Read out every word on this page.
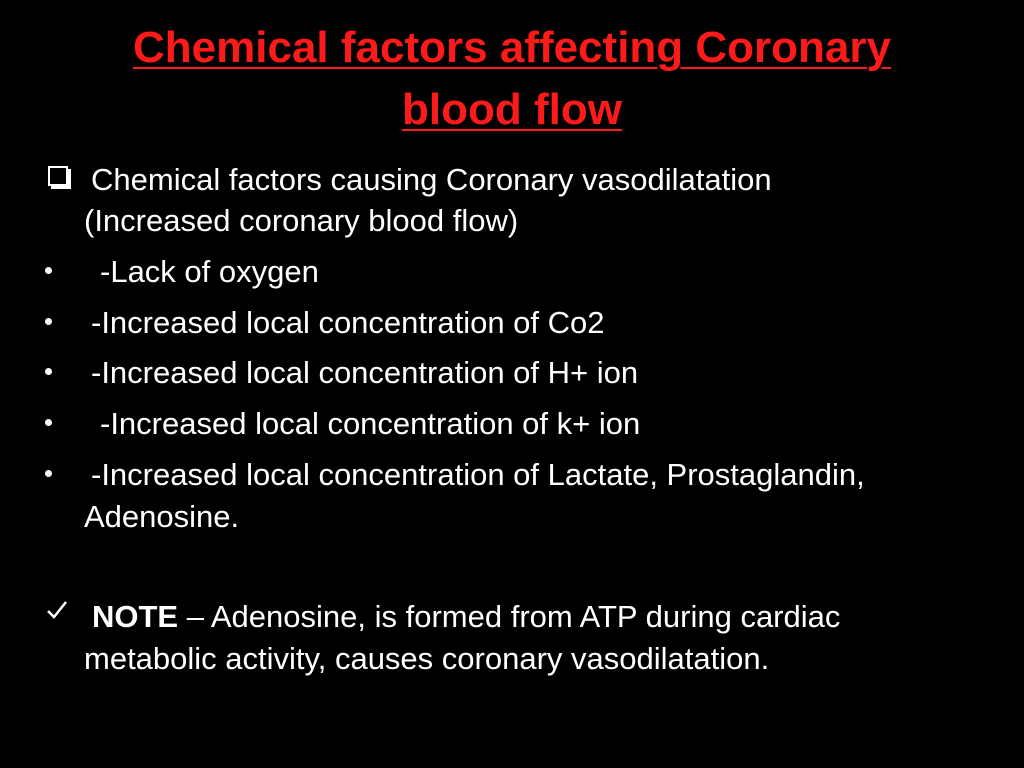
Chemical factors affecting Coronary
blood flow
Chemical factors causing Coronary vasodilatation
(Increased coronary blood flow)
-Lack of oxygen
-Increased local concentration of Co2
-Increased local concentration of H+ ion
-Increased local concentration of k+ ion
-Increased local concentration of Lactate, Prostaglandin,
Adenosine.
NOTE – Adenosine, is formed from ATP during cardiac
metabolic activity, causes coronary vasodilatation.
